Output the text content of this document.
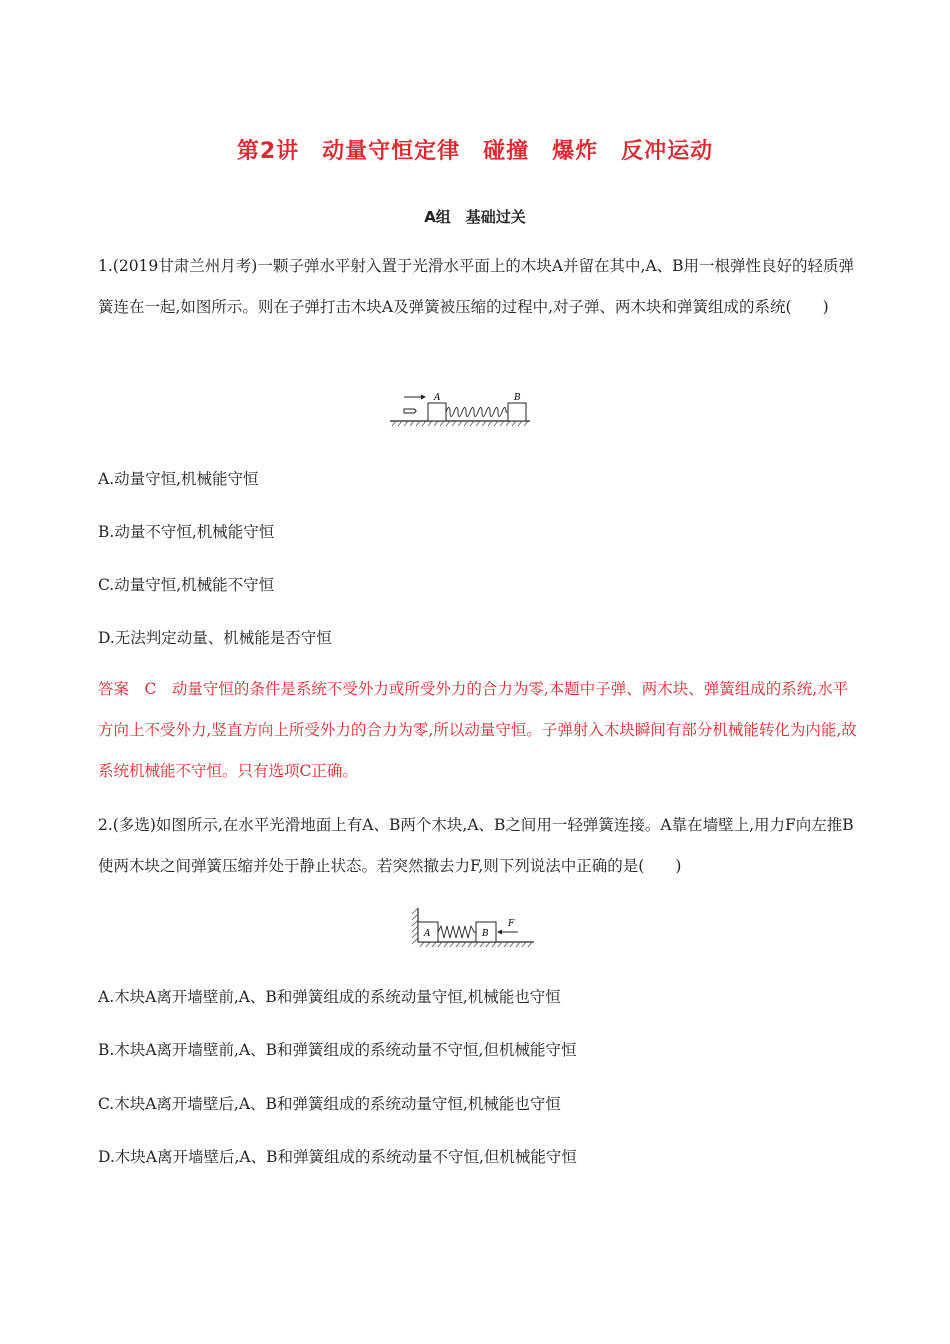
第2讲　动量守恒定律　碰撞　爆炸　反冲运动
A组　基础过关
1.(2019甘肃兰州月考)一颗子弹水平射入置于光滑水平面上的木块A并留在其中,A、B用一根弹性良好的轻质弹簧连在一起,如图所示。则在子弹打击木块A及弹簧被压缩的过程中,对子弹、两木块和弹簧组成的系统(　　)
A	B
A.动量守恒,机械能守恒
B.动量不守恒,机械能守恒
C.动量守恒,机械能不守恒
D.无法判定动量、机械能是否守恒
答案　C　动量守恒的条件是系统不受外力或所受外力的合力为零,本题中子弹、两木块、弹簧组成的系统,水平方向上不受外力,竖直方向上所受外力的合力为零,所以动量守恒。子弹射入木块瞬间有部分机械能转化为内能,故系统机械能不守恒。只有选项C正确。
2.(多选)如图所示,在水平光滑地面上有A、B两个木块,A、B之间用一轻弹簧连接。A靠在墙壁上,用力F向左推B使两木块之间弹簧压缩并处于静止状态。若突然撤去力F,则下列说法中正确的是(　　)
A	B
F
A.木块A离开墙壁前,A、B和弹簧组成的系统动量守恒,机械能也守恒
B.木块A离开墙壁前,A、B和弹簧组成的系统动量不守恒,但机械能守恒
C.木块A离开墙壁后,A、B和弹簧组成的系统动量守恒,机械能也守恒
D.木块A离开墙壁后,A、B和弹簧组成的系统动量不守恒,但机械能守恒
